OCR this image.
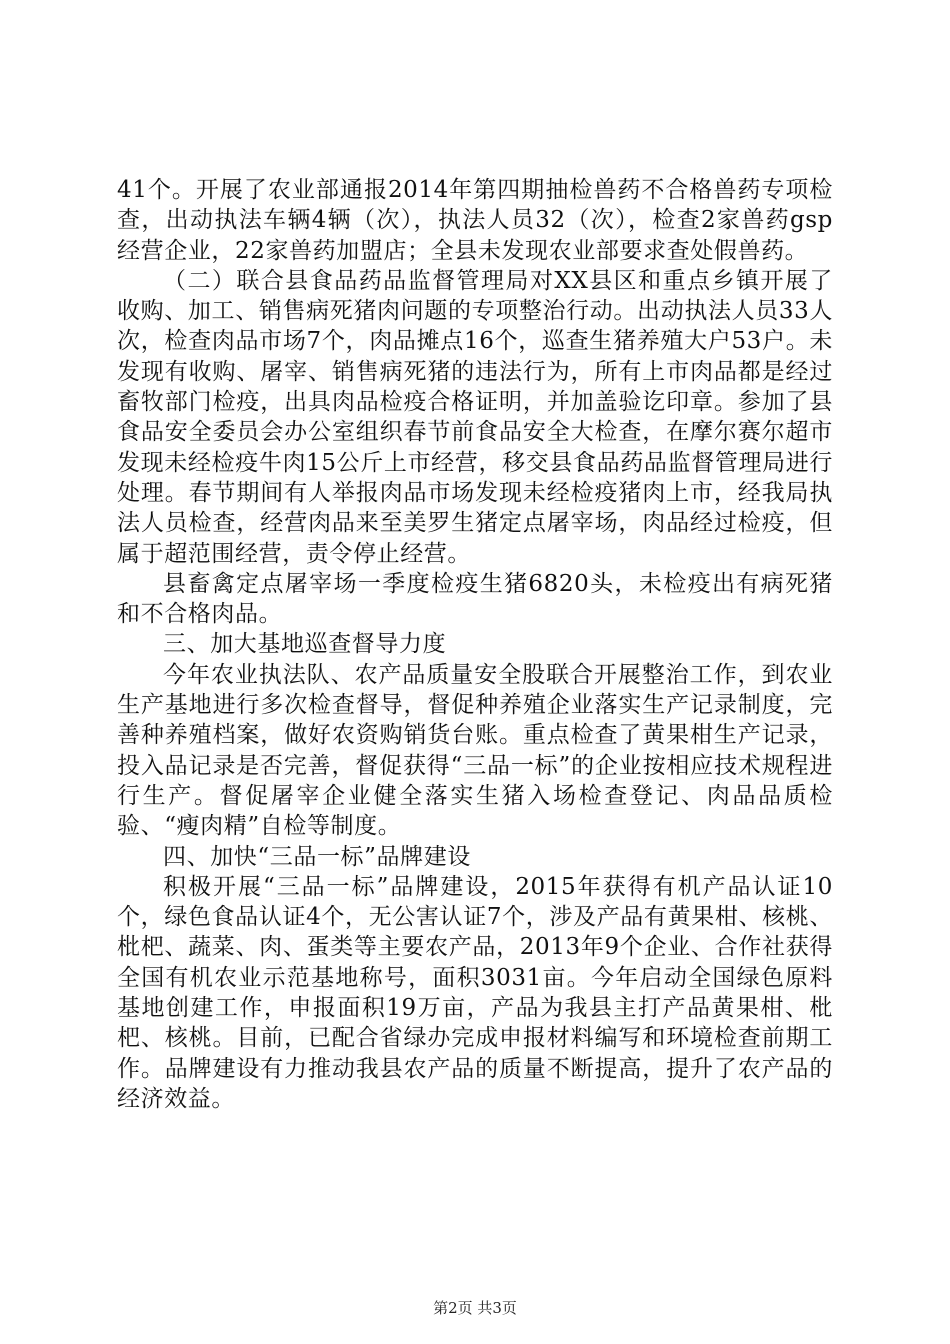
41个。开展了农业部通报2014年第四期抽检兽药不合格兽药专项检查，出动执法车辆4辆（次），执法人员32（次），检查2家兽药gsp经营企业，22家兽药加盟店；全县未发现农业部要求查处假兽药。

（二）联合县食品药品监督管理局对XX县区和重点乡镇开展了收购、加工、销售病死猪肉问题的专项整治行动。出动执法人员33人次，检查肉品市场7个，肉品摊点16个，巡查生猪养殖大户53户。未发现有收购、屠宰、销售病死猪的违法行为，所有上市肉品都是经过畜牧部门检疫，出具肉品检疫合格证明，并加盖验讫印章。参加了县食品安全委员会办公室组织春节前食品安全大检查，在摩尔赛尔超市发现未经检疫牛肉15公斤上市经营，移交县食品药品监督管理局进行处理。春节期间有人举报肉品市场发现未经检疫猪肉上市，经我局执法人员检查，经营肉品来至美罗生猪定点屠宰场，肉品经过检疫，但属于超范围经营，责令停止经营。

县畜禽定点屠宰场一季度检疫生猪6820头，未检疫出有病死猪和不合格肉品。

三、加大基地巡查督导力度

今年农业执法队、农产品质量安全股联合开展整治工作，到农业生产基地进行多次检查督导，督促种养殖企业落实生产记录制度，完善种养殖档案，做好农资购销货台账。重点检查了黄果柑生产记录，投入品记录是否完善，督促获得“三品一标”的企业按相应技术规程进行生产。督促屠宰企业健全落实生猪入场检查登记、肉品品质检验、“瘦肉精”自检等制度。

四、加快“三品一标”品牌建设

积极开展“三品一标”品牌建设，2015年获得有机产品认证10个，绿色食品认证4个，无公害认证7个，涉及产品有黄果柑、核桃、枇杷、蔬菜、肉、蛋类等主要农产品，2013年9个企业、合作社获得全国有机农业示范基地称号，面积3031亩。今年启动全国绿色原料基地创建工作，申报面积19万亩，产品为我县主打产品黄果柑、枇杷、核桃。目前，已配合省绿办完成申报材料编写和环境检查前期工作。品牌建设有力推动我县农产品的质量不断提高，提升了农产品的经济效益。

第2页 共3页
